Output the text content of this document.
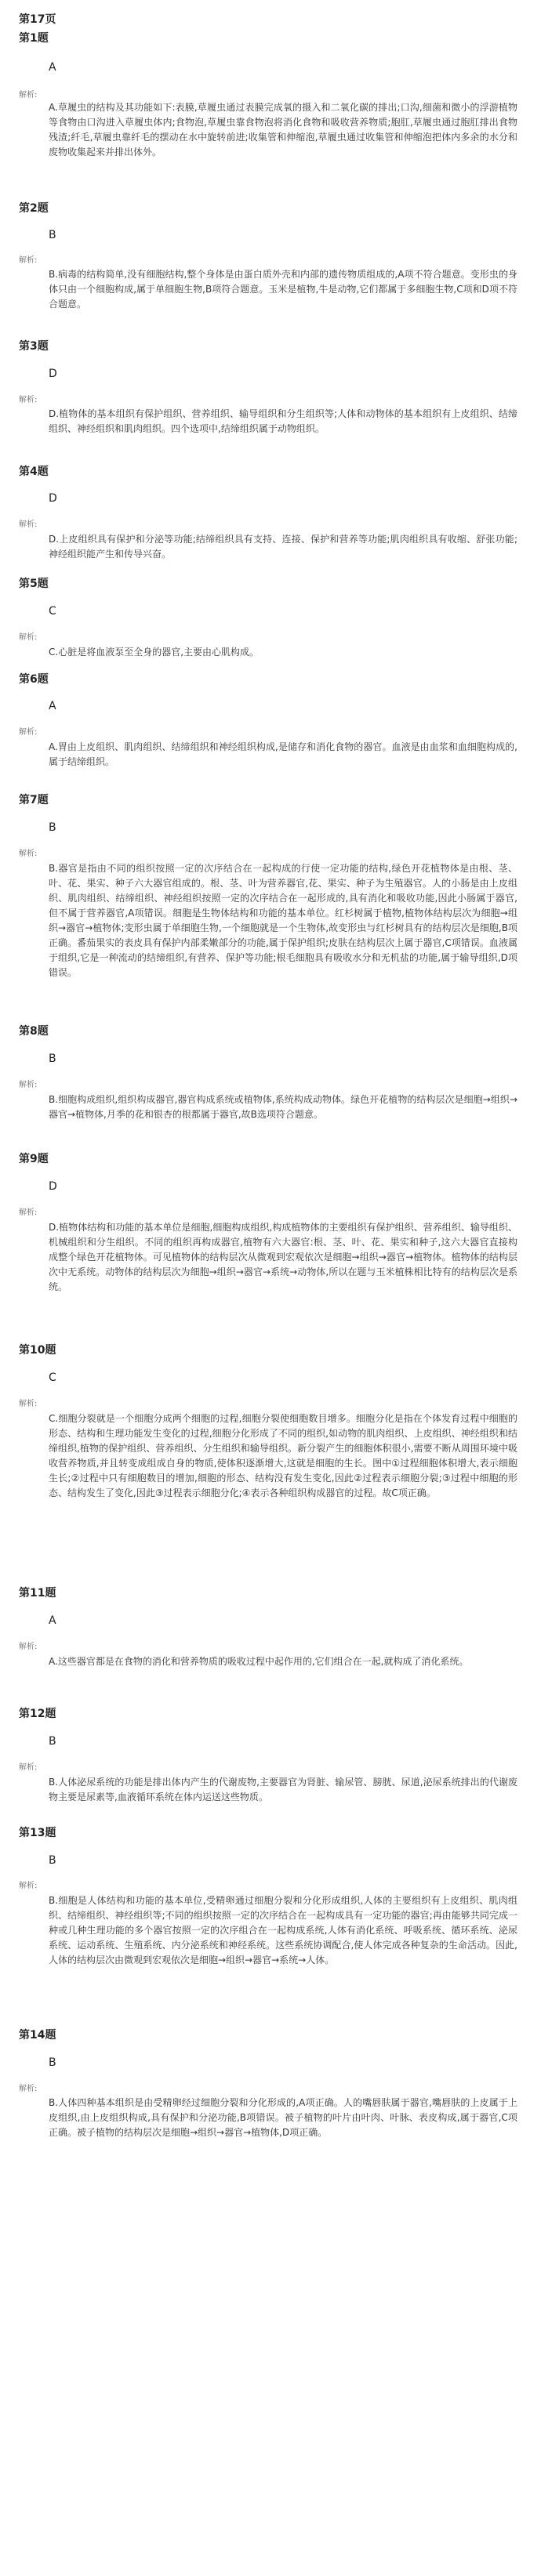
第17页
第1题
A
解析:
A.草履虫的结构及其功能如下:表膜,草履虫通过表膜完成氧的摄入和二氧化碳的排出;口沟,细菌和微小的浮游植物等食物由口沟进入草履虫体内;食物泡,草履虫靠食物泡将消化食物和吸收营养物质;胞肛,草履虫通过胞肛排出食物残渣;纤毛,草履虫靠纤毛的摆动在水中旋转前进;收集管和伸缩泡,草履虫通过收集管和伸缩泡把体内多余的水分和废物收集起来并排出体外。
第2题
B
解析:
B.病毒的结构简单,没有细胞结构,整个身体是由蛋白质外壳和内部的遗传物质组成的,A项不符合题意。变形虫的身体只由一个细胞构成,属于单细胞生物,B项符合题意。玉米是植物,牛是动物,它们都属于多细胞生物,C项和D项不符合题意。
第3题
D
解析:
D.植物体的基本组织有保护组织、营养组织、输导组织和分生组织等;人体和动物体的基本组织有上皮组织、结缔组织、神经组织和肌肉组织。四个选项中,结缔组织属于动物组织。
第4题
D
解析:
D.上皮组织具有保护和分泌等功能;结缔组织具有支持、连接、保护和营养等功能;肌肉组织具有收缩、舒张功能;神经组织能产生和传导兴奋。
第5题
C
解析:
C.心脏是将血液泵至全身的器官,主要由心肌构成。
第6题
A
解析:
A.胃由上皮组织、肌肉组织、结缔组织和神经组织构成,是储存和消化食物的器官。血液是由血浆和血细胞构成的,属于结缔组织。
第7题
B
解析:
B.器官是指由不同的组织按照一定的次序结合在一起构成的行使一定功能的结构,绿色开花植物体是由根、茎、叶、花、果实、种子六大器官组成的。根、茎、叶为营养器官,花、果实、种子为生殖器官。人的小肠是由上皮组织、肌肉组织、结缔组织、神经组织按照一定的次序结合在一起形成的,具有消化和吸收功能,因此小肠属于器官,但不属于营养器官,A项错误。细胞是生物体结构和功能的基本单位。红杉树属于植物,植物体结构层次为细胞→组织→器官→植物体;变形虫属于单细胞生物,一个细胞就是一个生物体,故变形虫与红杉树具有的结构层次是细胞,B项正确。番茄果实的表皮具有保护内部柔嫩部分的功能,属于保护组织;皮肤在结构层次上属于器官,C项错误。血液属于组织,它是一种流动的结缔组织,有营养、保护等功能;根毛细胞具有吸收水分和无机盐的功能,属于输导组织,D项错误。
第8题
B
解析:
B.细胞构成组织,组织构成器官,器官构成系统或植物体,系统构成动物体。绿色开花植物的结构层次是细胞→组织→器官→植物体,月季的花和银杏的根都属于器官,故B选项符合题意。
第9题
D
解析:
D.植物体结构和功能的基本单位是细胞,细胞构成组织,构成植物体的主要组织有保护组织、营养组织、输导组织、机械组织和分生组织。不同的组织再构成器官,植物有六大器官:根、茎、叶、花、果实和种子,这六大器官直接构成整个绿色开花植物体。可见植物体的结构层次从微观到宏观依次是细胞→组织→器官→植物体。植物体的结构层次中无系统。动物体的结构层次为细胞→组织→器官→系统→动物体,所以在题与玉米植株相比特有的结构层次是系统。
第10题
C
解析:
C.细胞分裂就是一个细胞分成两个细胞的过程,细胞分裂使细胞数目增多。细胞分化是指在个体发育过程中细胞的形态、结构和生理功能发生变化的过程,细胞分化形成了不同的组织,如动物的肌肉组织、上皮组织、神经组织和结缔组织,植物的保护组织、营养组织、分生组织和输导组织。新分裂产生的细胞体积很小,需要不断从周围环境中吸收营养物质,并且转变成组成自身的物质,使体积逐渐增大,这就是细胞的生长。图中①过程细胞体积增大,表示细胞生长;②过程中只有细胞数目的增加,细胞的形态、结构没有发生变化,因此②过程表示细胞分裂;③过程中细胞的形态、结构发生了变化,因此③过程表示细胞分化;④表示各种组织构成器官的过程。故C项正确。
第11题
A
解析:
A.这些器官都是在食物的消化和营养物质的吸收过程中起作用的,它们组合在一起,就构成了消化系统。
第12题
B
解析:
B.人体泌尿系统的功能是排出体内产生的代谢废物,主要器官为肾脏、输尿管、膀胱、尿道,泌尿系统排出的代谢废物主要是尿素等,血液循环系统在体内运送这些物质。
第13题
B
解析:
B.细胞是人体结构和功能的基本单位,受精卵通过细胞分裂和分化形成组织,人体的主要组织有上皮组织、肌肉组织、结缔组织、神经组织等;不同的组织按照一定的次序结合在一起构成具有一定功能的器官;再由能够共同完成一种或几种生理功能的多个器官按照一定的次序组合在一起构成系统,人体有消化系统、呼吸系统、循环系统、泌尿系统、运动系统、生殖系统、内分泌系统和神经系统。这些系统协调配合,使人体完成各种复杂的生命活动。因此,人体的结构层次由微观到宏观依次是细胞→组织→器官→系统→人体。
第14题
B
解析:
B.人体四种基本组织是由受精卵经过细胞分裂和分化形成的,A项正确。人的嘴唇肤属于器官,嘴唇肤的上皮属于上皮组织,由上皮组织构成,具有保护和分泌功能,B项错误。被子植物的叶片由叶肉、叶脉、表皮构成,属于器官,C项正确。被子植物的结构层次是细胞→组织→器官→植物体,D项正确。
